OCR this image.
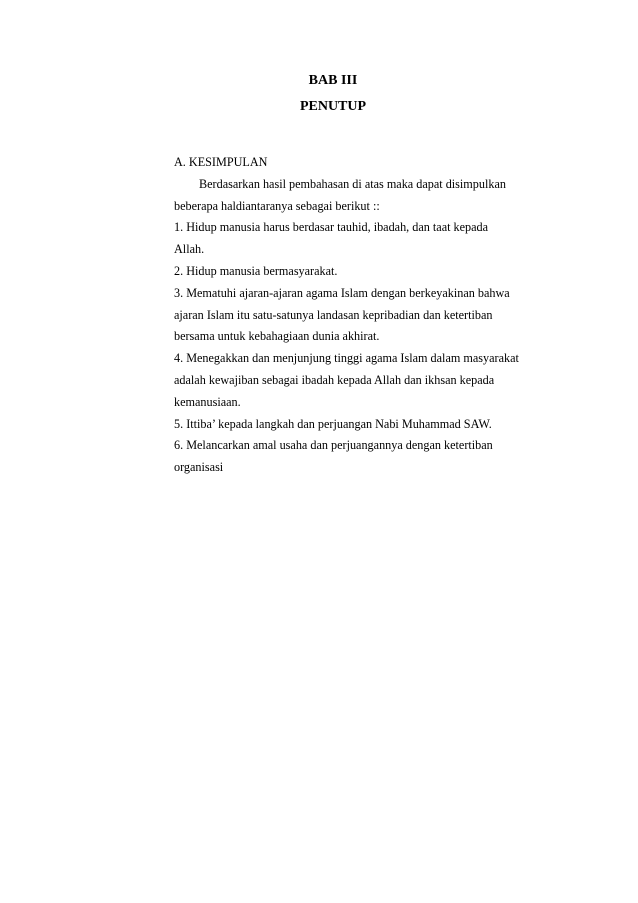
BAB III
PENUTUP
A. KESIMPULAN
Berdasarkan hasil pembahasan di atas maka dapat disimpulkan
beberapa haldiantaranya sebagai berikut ::
1. Hidup manusia harus berdasar tauhid, ibadah, dan taat kepada
Allah.
2. Hidup manusia bermasyarakat.
3. Mematuhi ajaran-ajaran agama Islam dengan berkeyakinan bahwa
ajaran Islam itu satu-satunya landasan kepribadian dan ketertiban
bersama untuk kebahagiaan dunia akhirat.
4. Menegakkan dan menjunjung tinggi agama Islam dalam masyarakat
adalah kewajiban sebagai ibadah kepada Allah dan ikhsan kepada
kemanusiaan.
5. Ittiba’ kepada langkah dan perjuangan Nabi Muhammad SAW.
6. Melancarkan amal usaha dan perjuangannya dengan ketertiban
organisasi
